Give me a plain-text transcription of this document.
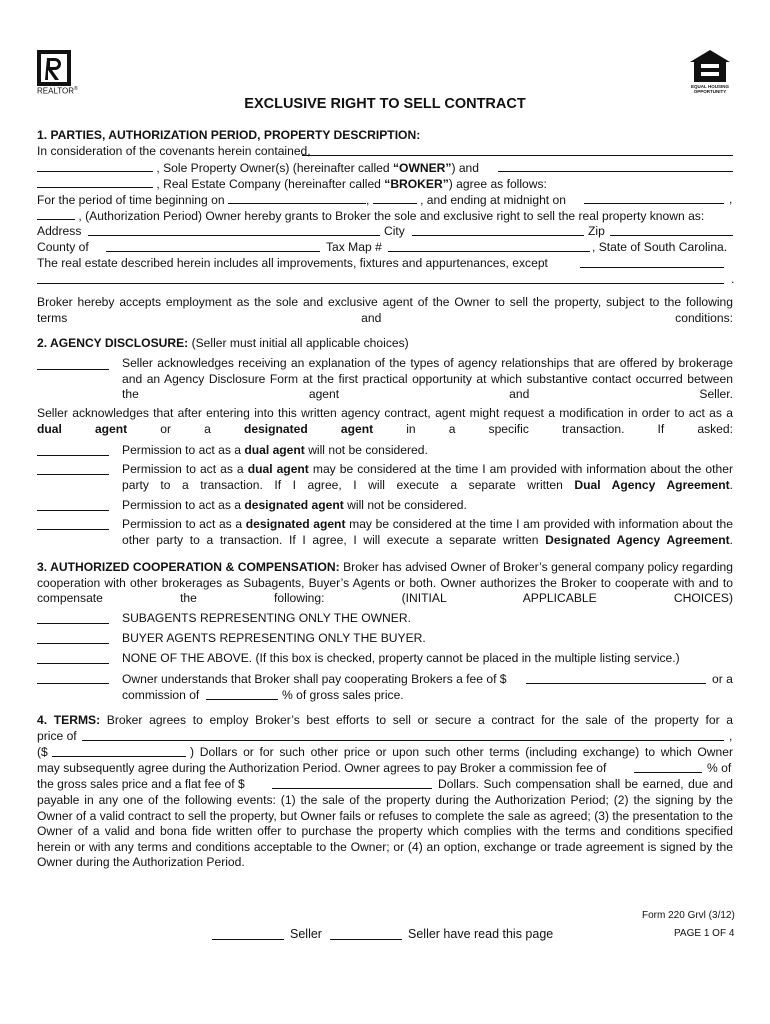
REALTOR®	EQUAL HOUSING OPPORTUNITY
EXCLUSIVE RIGHT TO SELL CONTRACT
1. PARTIES, AUTHORIZATION PERIOD, PROPERTY DESCRIPTION:
In consideration of the covenants herein contained,
, Sole Property Owner(s) (hereinafter called “OWNER”) and
, Real Estate Company (hereinafter called “BROKER”) agree as follows:
For the period of time beginning on	,	, and ending at midnight on	,
, (Authorization Period) Owner hereby grants to Broker the sole and exclusive right to sell the real property known as:
Address	City	Zip
County of	Tax Map #	, State of South Carolina.
The real estate described herein includes all improvements, fixtures and appurtenances, except
.
Broker hereby accepts employment as the sole and exclusive agent of the Owner to sell the property, subject to the following terms and conditions:
2. AGENCY DISCLOSURE: (Seller must initial all applicable choices)
Seller acknowledges receiving an explanation of the types of agency relationships that are offered by brokerage and an Agency Disclosure Form at the first practical opportunity at which substantive contact occurred between the agent and Seller.
Seller acknowledges that after entering into this written agency contract, agent might request a modification in order to act as a dual agent or a designated agent in a specific transaction. If asked:
Permission to act as a dual agent will not be considered.
Permission to act as a dual agent may be considered at the time I am provided with information about the other party to a transaction. If I agree, I will execute a separate written Dual Agency Agreement.
Permission to act as a designated agent will not be considered.
Permission to act as a designated agent may be considered at the time I am provided with information about the other party to a transaction. If I agree, I will execute a separate written Designated Agency Agreement.
3. AUTHORIZED COOPERATION & COMPENSATION: Broker has advised Owner of Broker’s general company policy regarding cooperation with other brokerages as Subagents, Buyer’s Agents or both. Owner authorizes the Broker to cooperate with and to compensate the following: (INITIAL APPLICABLE CHOICES)
SUBAGENTS REPRESENTING ONLY THE OWNER.
BUYER AGENTS REPRESENTING ONLY THE BUYER.
NONE OF THE ABOVE. (If this box is checked, property cannot be placed in the multiple listing service.)
Owner understands that Broker shall pay cooperating Brokers a fee of $	or a
commission of	% of gross sales price.
4. TERMS: Broker agrees to employ Broker’s best efforts to sell or secure a contract for the sale of the property for a
price of	,
($	) Dollars or for such other price or upon such other terms (including exchange) to which Owner
may subsequently agree during the Authorization Period. Owner agrees to pay Broker a commission fee of	% of
the gross sales price and a flat fee of $	Dollars. Such compensation shall be earned, due and
payable in any one of the following events: (1) the sale of the property during the Authorization Period; (2) the signing by the Owner of a valid contract to sell the property, but Owner fails or refuses to complete the sale as agreed; (3) the presentation to the Owner of a valid and bona fide written offer to purchase the property which complies with the terms and conditions specified herein or with any terms and conditions acceptable to the Owner; or (4) an option, exchange or trade agreement is signed by the Owner during the Authorization Period.
Form 220 Grvl (3/12)
Seller	Seller have read this page	PAGE 1 OF 4
